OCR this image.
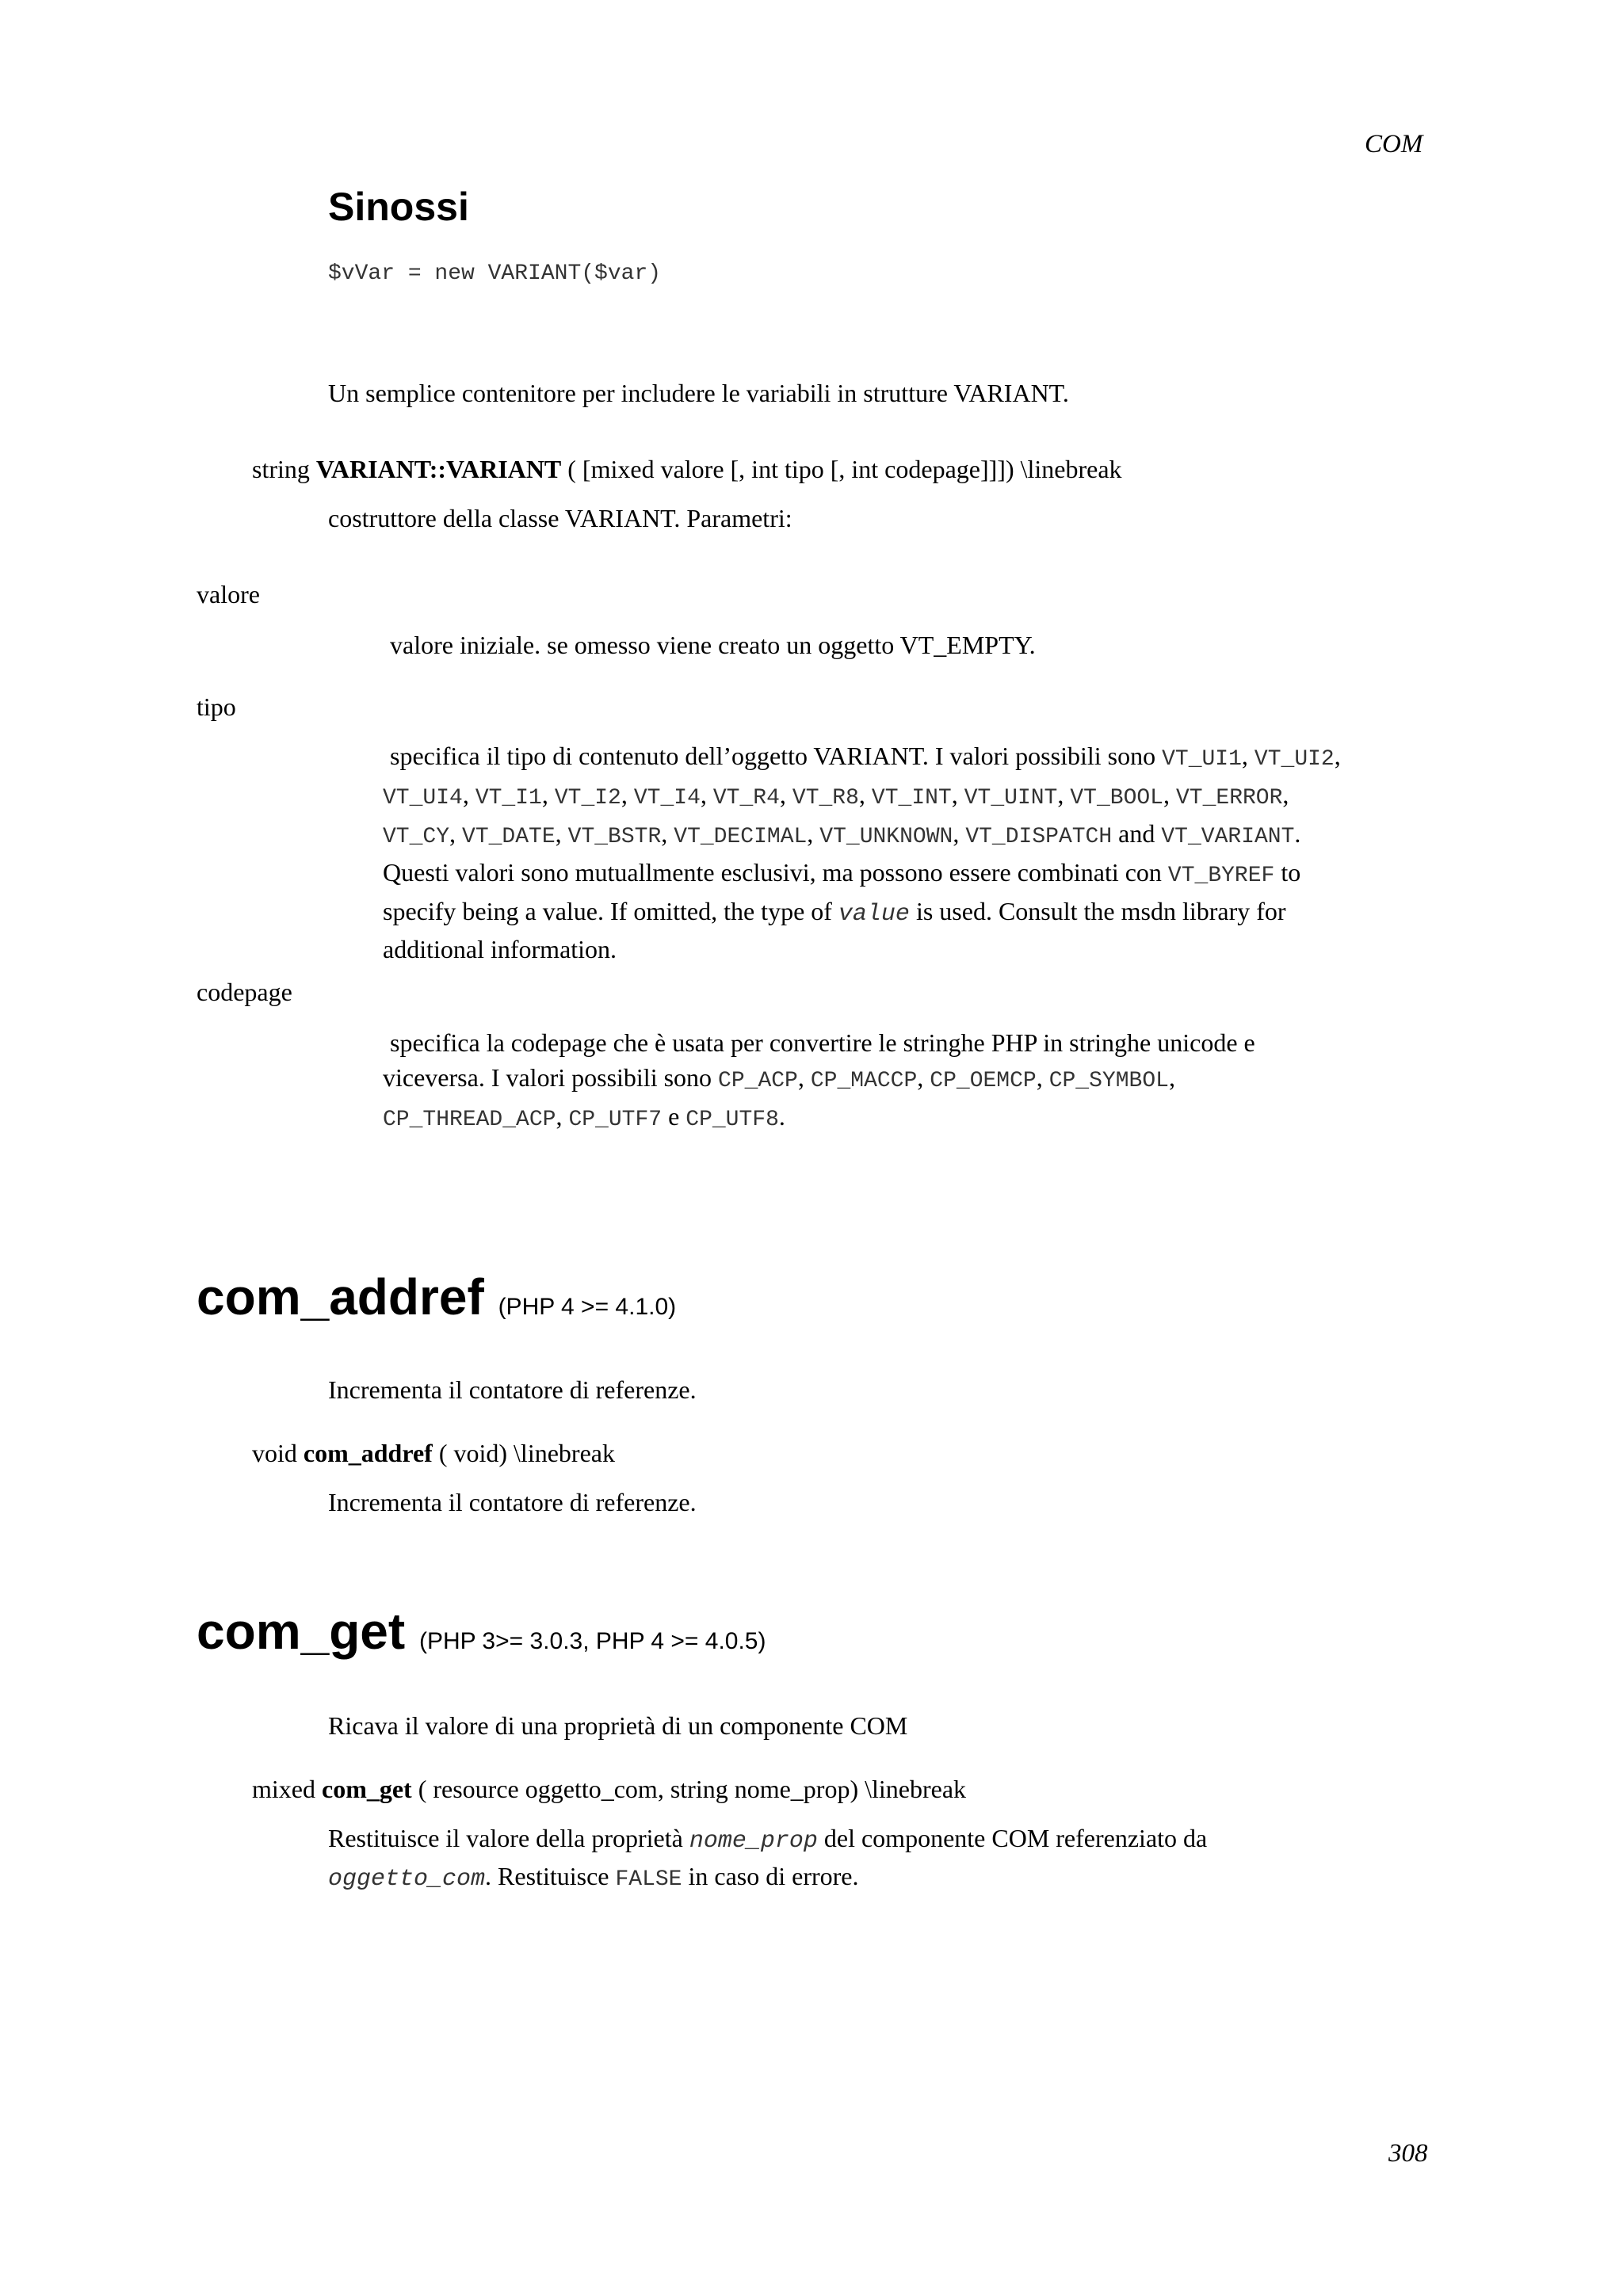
COM
Sinossi
$vVar = new VARIANT($var)
Un semplice contenitore per includere le variabili in strutture VARIANT.
string VARIANT::VARIANT ( [mixed valore [, int tipo [, int codepage]]]) \linebreak
costruttore della classe VARIANT. Parametri:
valore
valore iniziale. se omesso viene creato un oggetto VT_EMPTY.
tipo
specifica il tipo di contenuto dell’oggetto VARIANT. I valori possibili sono VT_UI1, VT_UI2,
VT_UI4, VT_I1, VT_I2, VT_I4, VT_R4, VT_R8, VT_INT, VT_UINT, VT_BOOL, VT_ERROR,
VT_CY, VT_DATE, VT_BSTR, VT_DECIMAL, VT_UNKNOWN, VT_DISPATCH and VT_VARIANT.
Questi valori sono mutuallmente esclusivi, ma possono essere combinati con VT_BYREF to
specify being a value. If omitted, the type of value is used. Consult the msdn library for
additional information.
codepage
specifica la codepage che è usata per convertire le stringhe PHP in stringhe unicode e
viceversa. I valori possibili sono CP_ACP, CP_MACCP, CP_OEMCP, CP_SYMBOL,
CP_THREAD_ACP, CP_UTF7 e CP_UTF8.
com_addref (PHP 4 >= 4.1.0)
Incrementa il contatore di referenze.
void com_addref ( void) \linebreak
Incrementa il contatore di referenze.
com_get (PHP 3>= 3.0.3, PHP 4 >= 4.0.5)
Ricava il valore di una proprietà di un componente COM
mixed com_get ( resource oggetto_com, string nome_prop) \linebreak
Restituisce il valore della proprietà nome_prop del componente COM referenziato da
oggetto_com. Restituisce FALSE in caso di errore.
308
